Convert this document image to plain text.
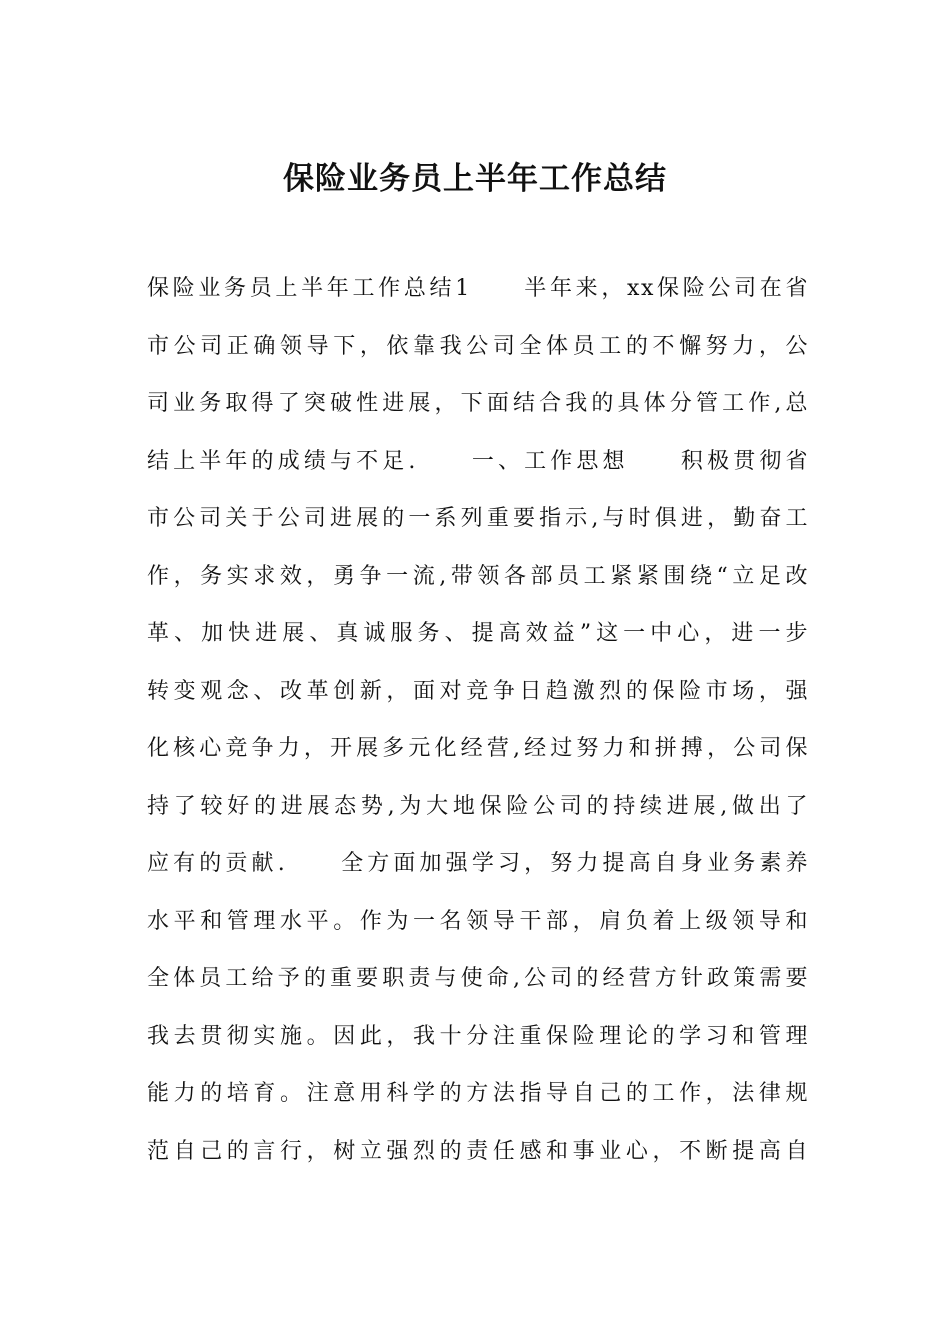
保险业务员上半年工作总结
保险业务员上半年工作总结1　　半年来，xx保险公司在省
市公司正确领导下，依靠我公司全体员工的不懈努力，公
司业务取得了突破性进展，下面结合我的具体分管工作,总
结上半年的成绩与不足.　　一、工作思想　　积极贯彻省
市公司关于公司进展的一系列重要指示,与时俱进，勤奋工
作，务实求效，勇争一流,带领各部员工紧紧围绕“立足改
革、加快进展、真诚服务、提高效益”这一中心，进一步
转变观念、改革创新，面对竞争日趋激烈的保险市场，强
化核心竞争力，开展多元化经营,经过努力和拼搏，公司保
持了较好的进展态势,为大地保险公司的持续进展,做出了
应有的贡献.　　全方面加强学习，努力提高自身业务素养
水平和管理水平。作为一名领导干部，肩负着上级领导和
全体员工给予的重要职责与使命,公司的经营方针政策需要
我去贯彻实施。因此，我十分注重保险理论的学习和管理
能力的培育。注意用科学的方法指导自己的工作，法律规
范自己的言行，树立强烈的责任感和事业心，不断提高自
